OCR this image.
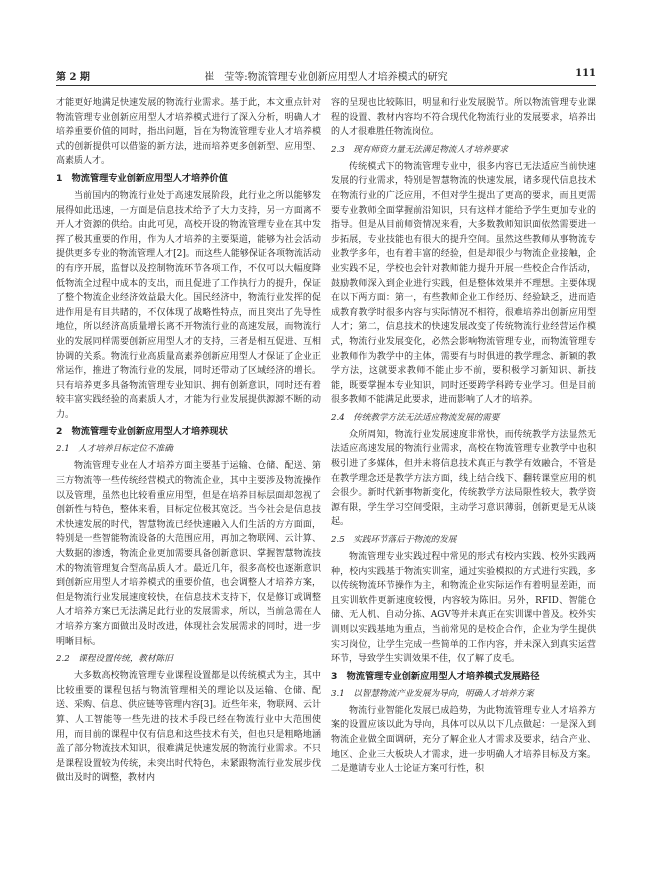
第 2 期	崔　莹等:物流管理专业创新应用型人才培养模式的研究	111

才能更好地满足快速发展的物流行业需求。基于此，本文重点针对物流管理专业创新应用型人才培养模式进行了深入分析，明确人才培养重要价值的同时，指出问题，旨在为物流管理专业人才培养模式的创新提供可以借鉴的新方法，进而培养更多创新型、应用型、高素质人才。

1　物流管理专业创新应用型人才培养价值

当前国内的物流行业处于高速发展阶段，此行业之所以能够发展得如此迅速，一方面是信息技术给予了大力支持，另一方面离不开人才资源的供给。由此可见，高校开设的物流管理专业在其中发挥了极其重要的作用，作为人才培养的主要渠道，能够为社会活动提供更多专业的物流管理人才[2]。而这些人能够保证各项物流活动的有序开展，监督以及控制物流环节各项工作，不仅可以大幅度降低物流全过程中成本的支出，而且促进了工作执行力的提升，保证了整个物流企业经济效益最大化。国民经济中，物流行业发挥的促进作用是有目共睹的，不仅体现了战略性特点，而且突出了先导性地位，所以经济高质量增长离不开物流行业的高速发展，而物流行业的发展同样需要创新应用型人才的支持，三者是相互促进、互相协调的关系。物流行业高质量高素养创新应用型人才保证了企业正常运作，推进了物流行业的发展，同时还带动了区域经济的增长。只有培养更多具备物流管理专业知识、拥有创新意识，同时还有着较丰富实践经验的高素质人才，才能为行业发展提供源源不断的动力。

2　物流管理专业创新应用型人才培养现状
2.1　人才培养目标定位不准确

物流管理专业在人才培养方面主要基于运输、仓储、配送、第三方物流等一些传统经营模式的物流企业，其中主要涉及物流操作以及管理，虽然也比较看重应用型，但是在培养目标层面却忽视了创新性与特色，整体来看，目标定位极其宽泛。当今社会是信息技术快速发展的时代，智慧物流已经快速融入人们生活的方方面面，特别是一些智能物流设备的大范围应用，再加之物联网、云计算、大数据的渗透，物流企业更加需要具备创新意识、掌握智慧物流技术的物流管理复合型高品质人才。最近几年，很多高校也逐渐意识到创新应用型人才培养模式的重要价值，也会调整人才培养方案，但是物流行业发展速度较快，在信息技术支持下，仅是修订或调整人才培养方案已无法满足此行业的发展需求，所以，当前急需在人才培养方案方面做出及时改进，体现社会发展需求的同时，进一步明晰目标。

2.2　课程设置传统，教材陈旧

大多数高校物流管理专业课程设置都是以传统模式为主，其中比较重要的课程包括与物流管理相关的理论以及运输、仓储、配送、采购、信息、供应链等管理内容[3]。近些年来，物联网、云计算、人工智能等一些先进的技术手段已经在物流行业中大范围使用，而目前的课程中仅有信息和这些技术有关，但也只是粗略地涵盖了部分物流技术知识，很难满足快速发展的物流行业需求。不只是课程设置较为传统，未突出时代特色，未紧跟物流行业发展步伐做出及时的调整，教材内

容的呈现也比较陈旧，明显和行业发展脱节。所以物流管理专业课程的设置、教材内容均不符合现代化物流行业的发展要求，培养出的人才很难胜任物流岗位。

2.3　现有师资力量无法满足物流人才培养要求

传统模式下的物流管理专业中，很多内容已无法适应当前快速发展的行业需求，特别是智慧物流的快速发展，诸多现代信息技术在物流行业的广泛应用，不但对学生提出了更高的要求，而且更需要专业教师全面掌握前沿知识，只有这样才能给予学生更加专业的指导。但是从目前师资情况来看，大多数教师知识面依然需要进一步拓展，专业技能也有很大的提升空间。虽然这些教师从事物流专业教学多年，也有着丰富的经验，但是却很少与物流企业接触，企业实践不足，学校也会针对教师能力提升开展一些校企合作活动，鼓励教师深入到企业进行实践，但是整体效果并不理想。主要体现在以下两方面：第一，有些教师企业工作经历、经验缺乏，进而造成教育教学时很多内容与实际情况不相符，很难培养出创新应用型人才；第二，信息技术的快速发展改变了传统物流行业经营运作模式，物流行业发展变化，必然会影响物流管理专业，而物流管理专业教师作为教学中的主体，需要有与时俱进的教学理念、新颖的教学方法，这就要求教师不能止步不前，要积极学习新知识、新技能，既要掌握本专业知识，同时还要跨学科跨专业学习。但是目前很多教师不能满足此要求，进而影响了人才的培养。

2.4　传统教学方法无法适应物流发展的需要

众所周知，物流行业发展速度非常快，而传统教学方法显然无法适应高速发展的物流行业需求，高校在物流管理专业教学中也积极引进了多媒体，但并未将信息技术真正与教学有效融合，不管是在教学理念还是教学方法方面，线上结合线下、翻转课堂应用的机会很少。新时代新事物新变化，传统教学方法局限性较大，教学资源有限，学生学习空间受限，主动学习意识薄弱，创新更是无从谈起。

2.5　实践环节落后于物流的发展

物流管理专业实践过程中常见的形式有校内实践、校外实践两种，校内实践基于物流实训室，通过实验模拟的方式进行实践，多以传统物流环节操作为主，和物流企业实际运作有着明显差距，而且实训软件更新速度较慢，内容较为陈旧。另外，RFID、智能仓储、无人机、自动分拣、AGV等并未真正在实训课中普及。校外实训则以实践基地为重点，当前常见的是校企合作，企业为学生提供实习岗位，让学生完成一些简单的工作内容，并未深入到真实运营环节，导致学生实训效果不佳，仅了解了皮毛。

3　物流管理专业创新应用型人才培养模式发展路径
3.1　以智慧物流产业发展为导向，明确人才培养方案

物流行业智能化发展已成趋势，为此物流管理专业人才培养方案的设置应该以此为导向，具体可以从以下几点做起：一是深入到物流企业做全面调研，充分了解企业人才需求及要求，结合产业、地区、企业三大板块人才需求，进一步明确人才培养目标及方案。二是邀请专业人士论证方案可行性，积
